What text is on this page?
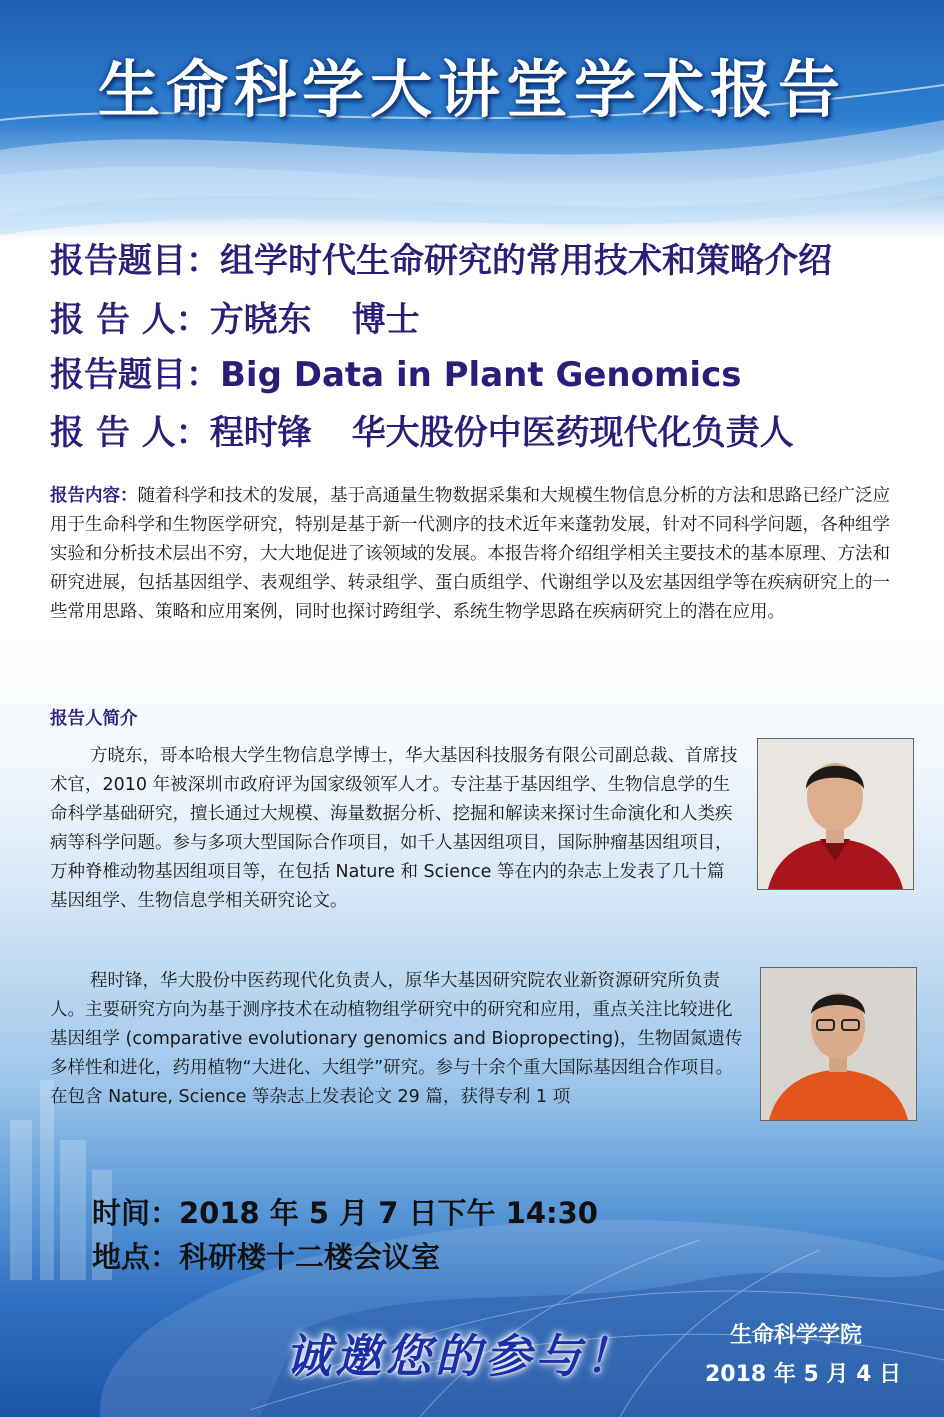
生命科学大讲堂学术报告
报告题目：组学时代生命研究的常用技术和策略介绍
报 告 人：方晓东 博士
报告题目：Big Data in Plant Genomics
报 告 人：程时锋 华大股份中医药现代化负责人
报告内容：随着科学和技术的发展，基于高通量生物数据采集和大规模生物信息分析的方法和思路已经广泛应用于生命科学和生物医学研究，特别是基于新一代测序的技术近年来蓬勃发展，针对不同科学问题，各种组学实验和分析技术层出不穷，大大地促进了该领域的发展。本报告将介绍组学相关主要技术的基本原理、方法和研究进展，包括基因组学、表观组学、转录组学、蛋白质组学、代谢组学以及宏基因组学等在疾病研究上的一些常用思路、策略和应用案例，同时也探讨跨组学、系统生物学思路在疾病研究上的潜在应用。
报告人简介
方晓东，哥本哈根大学生物信息学博士，华大基因科技服务有限公司副总裁、首席技术官，2010 年被深圳市政府评为国家级领军人才。专注基于基因组学、生物信息学的生命科学基础研究，擅长通过大规模、海量数据分析、挖掘和解读来探讨生命演化和人类疾病等科学问题。参与多项大型国际合作项目，如千人基因组项目，国际肿瘤基因组项目，万种脊椎动物基因组项目等，在包括 Nature 和 Science 等在内的杂志上发表了几十篇基因组学、生物信息学相关研究论文。
程时锋，华大股份中医药现代化负责人，原华大基因研究院农业新资源研究所负责人。主要研究方向为基于测序技术在动植物组学研究中的研究和应用，重点关注比较进化基因组学 (comparative evolutionary genomics and Biopropecting)，生物固氮遗传多样性和进化，药用植物“大进化、大组学”研究。参与十余个重大国际基因组合作项目。在包含 Nature, Science 等杂志上发表论文 29 篇，获得专利 1 项
时间：2018 年 5 月 7 日下午 14:30
地点：科研楼十二楼会议室
诚邀您的参与！	生命科学学院
2018 年 5 月 4 日
